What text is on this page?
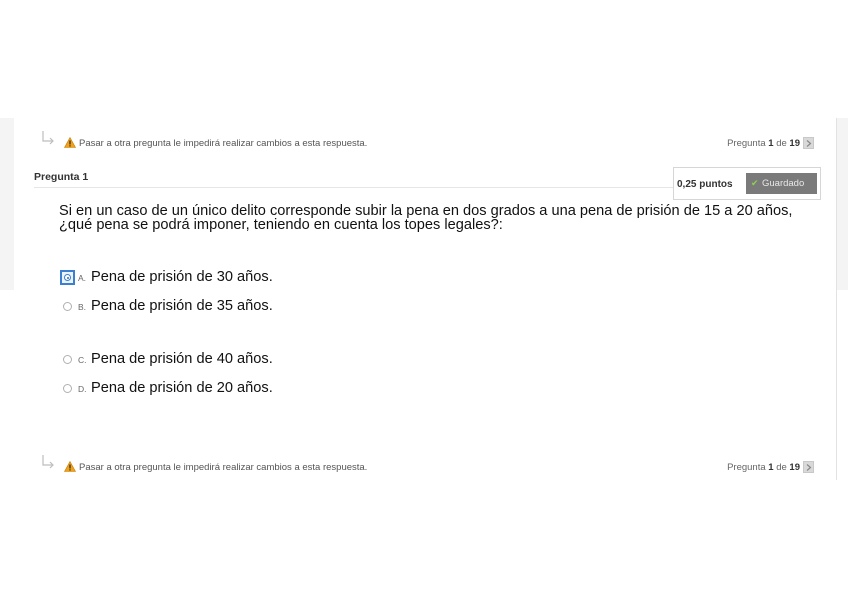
Pasar a otra pregunta le impedirá realizar cambios a esta respuesta.	Pregunta 1 de 19
Pregunta 1
0,25 puntos ✔ Guardado
Si en un caso de un único delito corresponde subir la pena en dos grados a una pena de prisión de 15 a 20 años, ¿qué pena se podrá imponer, teniendo en cuenta los topes legales?:
A. Pena de prisión de 30 años.
B. Pena de prisión de 35 años.
C. Pena de prisión de 40 años.
D. Pena de prisión de 20 años.
Pasar a otra pregunta le impedirá realizar cambios a esta respuesta.	Pregunta 1 de 19
